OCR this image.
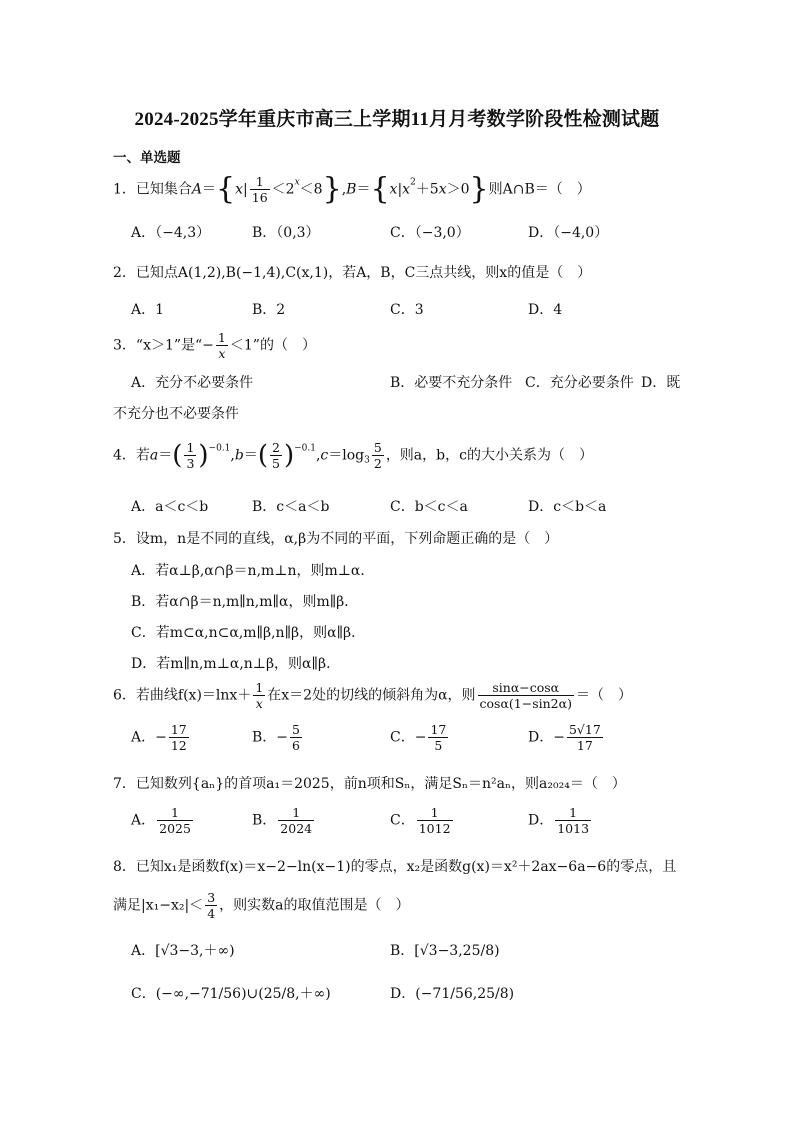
2024-2025学年重庆市高三上学期11月月考数学阶段性检测试题
一、单选题
1．已知集合$A=\{x| \frac{1}{16} <2^x<8\},B=\{x|x^2+5x>0\}$则A∩B＝（　）
A．（−4,3）	B．（0,3）	C．（−3,0）	D．（−4,0）
2．已知点A(1,2),B(−1,4),C(x,1)，若A，B，C三点共线，则x的值是（　）
A．1	B．2	C．3	D．4
3．“x＞1”是“− $\frac{1}{x} <1$”的（　）
A．充分不必要条件	B．必要不充分条件 C．充分必要条件 D．既
不充分也不必要条件
4．若$a=( \frac{1}{3} )^{-0.1},b=( \frac{2}{5} )^{-0.1},c=\log_3 \frac{5}{2}$ ，则a，b，c的大小关系为（　）
A．a＜c＜b	B．c＜a＜b	C．b＜c＜a	D．c＜b＜a
5．设m，n是不同的直线，α,β为不同的平面，下列命题正确的是（　）
A．若α⊥β,α∩β＝n,m⊥n，则m⊥α．
B．若α∩β＝n,m∥n,m∥α，则m∥β．
C．若m⊂α,n⊂α,m∥β,n∥β，则α∥β．
D．若m∥n,m⊥α,n⊥β，则α∥β．
6．若曲线$f(x)=\ln x+ \frac{1}{x}$ 在x＝2处的切线的倾斜角为α，则 $\frac{\sin\alpha-\cos\alpha}{\cos\alpha(1-\sin 2\alpha)}$ ＝（　）
A．− $\frac{17}{12}$	B．− $\frac{5}{6}$	C．− $\frac{17}{5}$	D．− $\frac{5√17}{17}$
7．已知数列{aₙ}的首项a₁＝2025，前n项和Sₙ，满足Sₙ＝n²aₙ，则a₂₀₂₄＝（　）
A． $\frac{1}{2025}$	B． $\frac{1}{2024}$	C． $\frac{1}{1012}$	D． $\frac{1}{1013}$
8．已知x₁是函数f(x)＝x−2−ln(x−1)的零点，x₂是函数g(x)＝x²＋2ax−6a−6的零点，且
满足$|x_1-x_2|< \frac{3}{4}$ ，则实数a的取值范围是（　）
A．[√3−3,＋∞)	B．[√3−3,25/8)
C．(−∞,−71/56)∪(25/8,＋∞)	D．(−71/56,25/8)
